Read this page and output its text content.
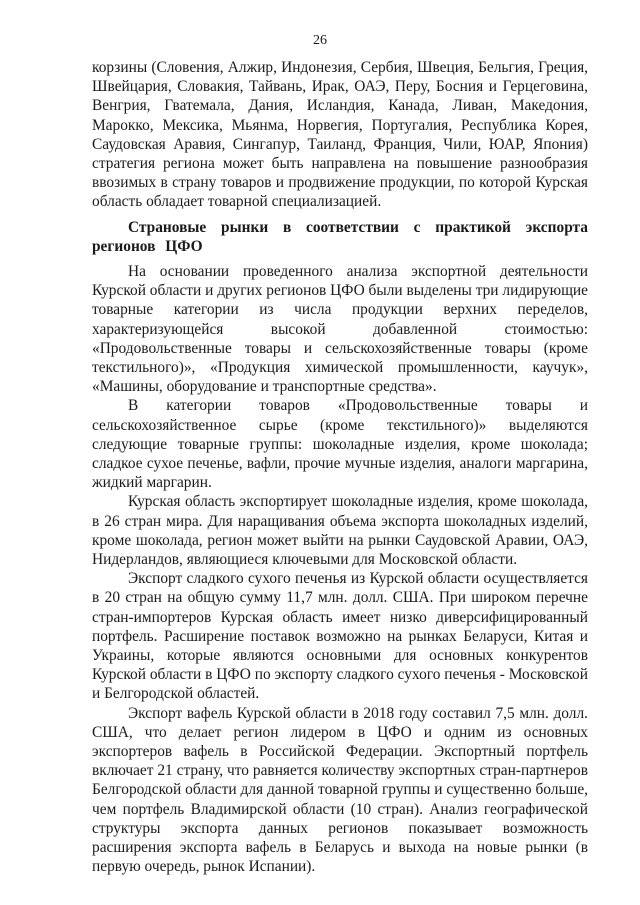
26

корзины (Словения, Алжир, Индонезия, Сербия, Швеция, Бельгия, Греция, Швейцария, Словакия, Тайвань, Ирак, ОАЭ, Перу, Босния и Герцеговина, Венгрия, Гватемала, Дания, Исландия, Канада, Ливан, Македония, Марокко, Мексика, Мьянма, Норвегия, Португалия, Республика Корея, Саудовская Аравия, Сингапур, Таиланд, Франция, Чили, ЮАР, Япония) стратегия региона может быть направлена на повышение разнообразия ввозимых в страну товаров и продвижение продукции, по которой Курская область обладает товарной специализацией.

Страновые рынки в соответствии с практикой экспорта регионов ЦФО

На основании проведенного анализа экспортной деятельности Курской области и других регионов ЦФО были выделены три лидирующие товарные категории из числа продукции верхних переделов, характеризующейся высокой добавленной стоимостью: «Продовольственные товары и сельскохозяйственные товары (кроме текстильного)», «Продукция химической промышленности, каучук», «Машины, оборудование и транспортные средства».

В категории товаров «Продовольственные товары и сельскохозяйственное сырье (кроме текстильного)» выделяются следующие товарные группы: шоколадные изделия, кроме шоколада; сладкое сухое печенье, вафли, прочие мучные изделия, аналоги маргарина, жидкий маргарин.

Курская область экспортирует шоколадные изделия, кроме шоколада, в 26 стран мира. Для наращивания объема экспорта шоколадных изделий, кроме шоколада, регион может выйти на рынки Саудовской Аравии, ОАЭ, Нидерландов, являющиеся ключевыми для Московской области.

Экспорт сладкого сухого печенья из Курской области осуществляется в 20 стран на общую сумму 11,7 млн. долл. США. При широком перечне стран-импортеров Курская область имеет низко диверсифицированный портфель. Расширение поставок возможно на рынках Беларуси, Китая и Украины, которые являются основными для основных конкурентов Курской области в ЦФО по экспорту сладкого сухого печенья - Московской и Белгородской областей.

Экспорт вафель Курской области в 2018 году составил 7,5 млн. долл. США, что делает регион лидером в ЦФО и одним из основных экспортеров вафель в Российской Федерации. Экспортный портфель включает 21 страну, что равняется количеству экспортных стран-партнеров Белгородской области для данной товарной группы и существенно больше, чем портфель Владимирской области (10 стран). Анализ географической структуры экспорта данных регионов показывает возможность расширения экспорта вафель в Беларусь и выхода на новые рынки (в первую очередь, рынок Испании).
